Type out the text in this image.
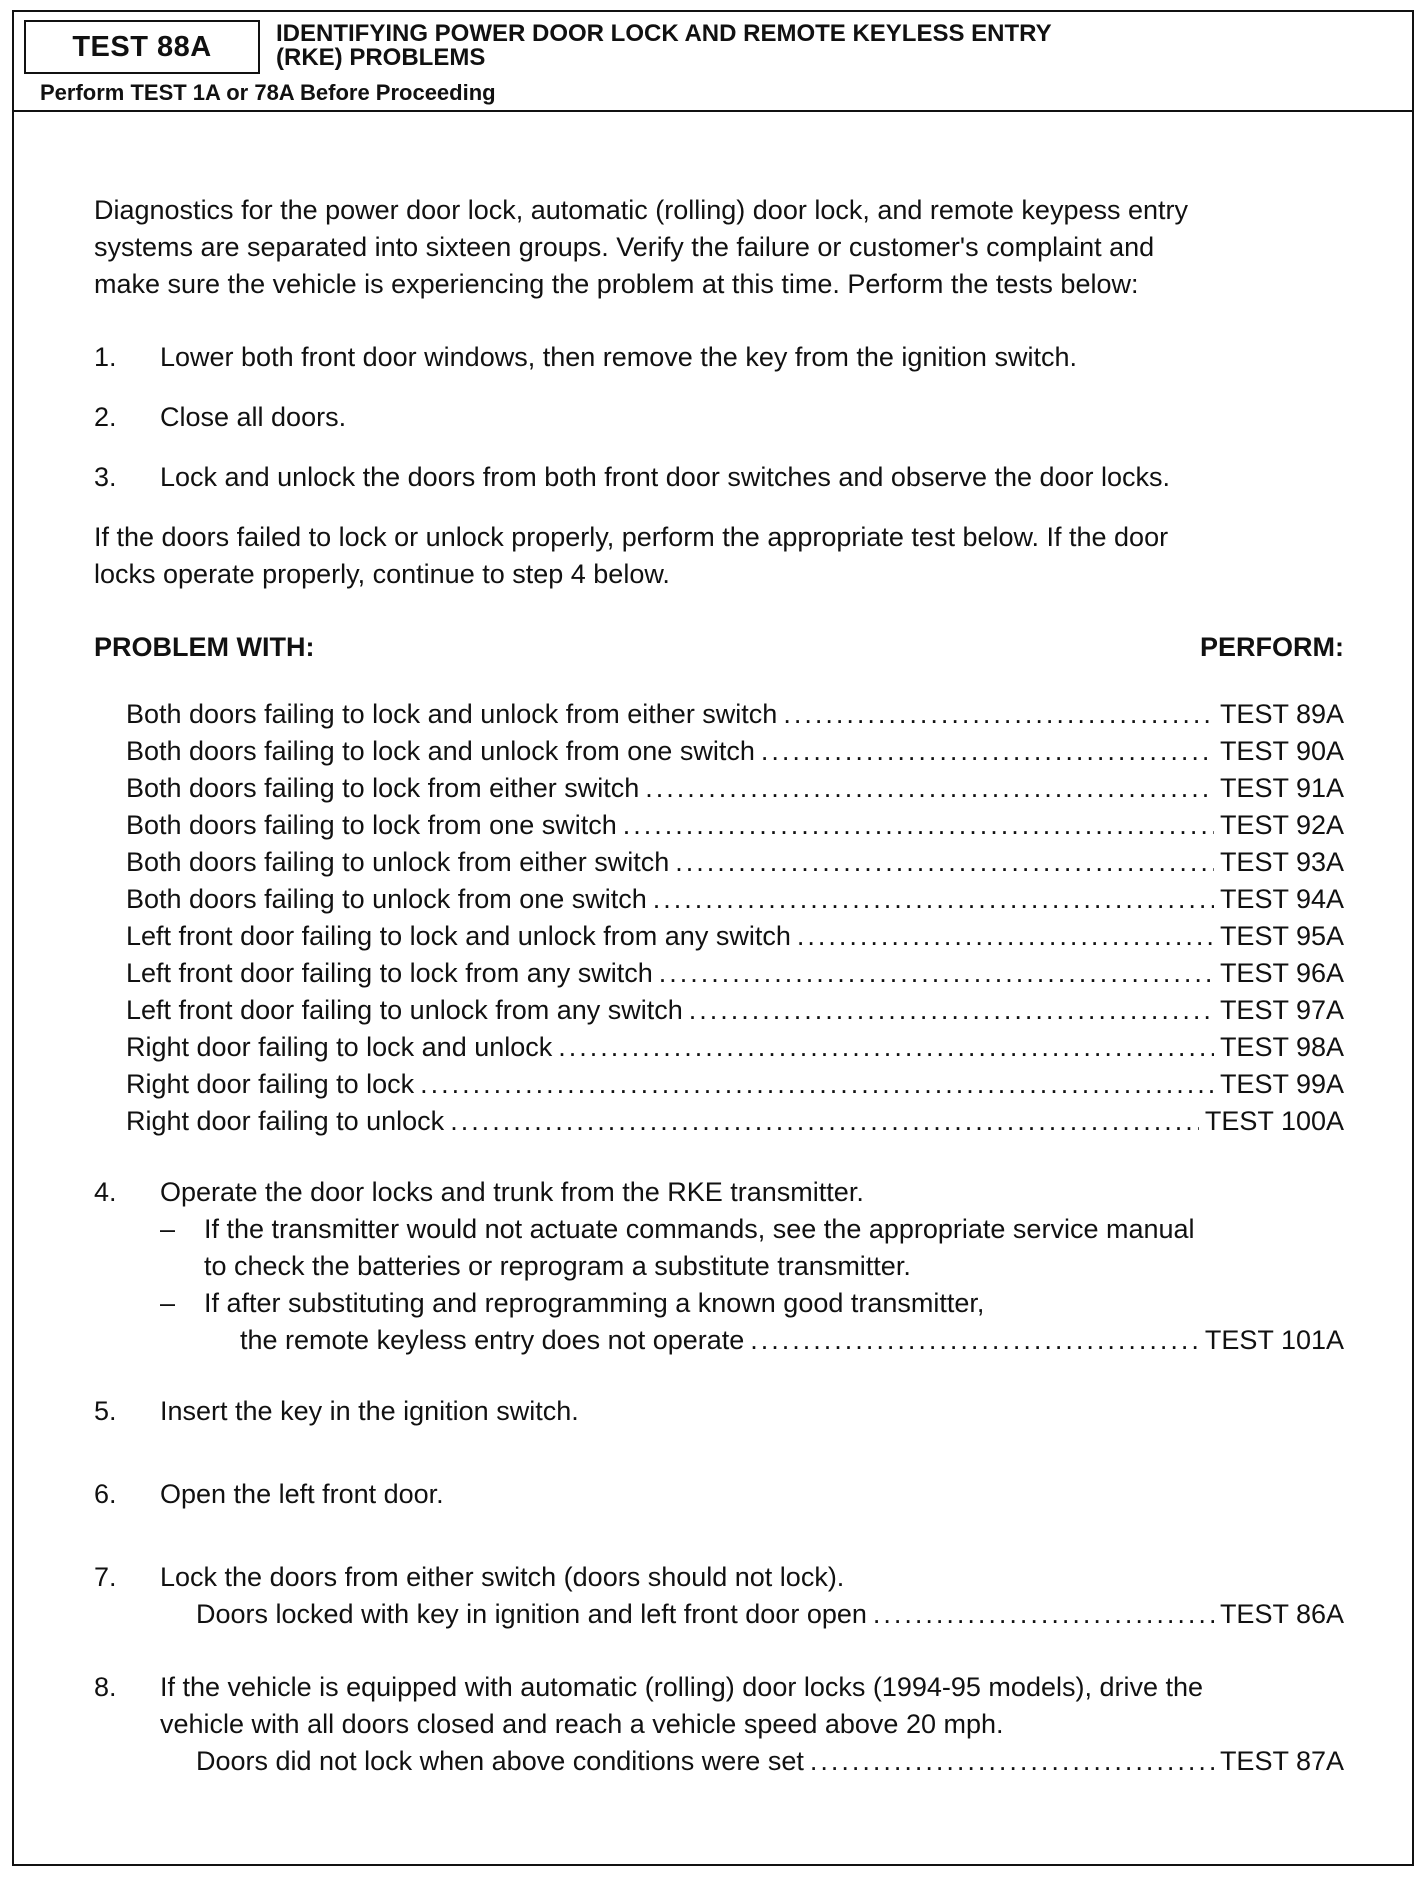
TEST 88A	IDENTIFYING POWER DOOR LOCK AND REMOTE KEYLESS ENTRY
(RKE) PROBLEMS
Perform TEST 1A or 78A Before Proceeding
Diagnostics for the power door lock, automatic (rolling) door lock, and remote keypess entry
systems are separated into sixteen groups. Verify the failure or customer's complaint and
make sure the vehicle is experiencing the problem at this time. Perform the tests below:
1.	Lower both front door windows, then remove the key from the ignition switch.
2.	Close all doors.
3.	Lock and unlock the doors from both front door switches and observe the door locks.
If the doors failed to lock or unlock properly, perform the appropriate test below. If the door
locks operate properly, continue to step 4 below.
PROBLEM WITH:	PERFORM:
Both doors failing to lock and unlock from either switch .....	TEST 89A
Both doors failing to lock and unlock from one switch .....	TEST 90A
Both doors failing to lock from either switch .....	TEST 91A
Both doors failing to lock from one switch .....	TEST 92A
Both doors failing to unlock from either switch .....	TEST 93A
Both doors failing to unlock from one switch .....	TEST 94A
Left front door failing to lock and unlock from any switch .....	TEST 95A
Left front door failing to lock from any switch .....	TEST 96A
Left front door failing to unlock from any switch .....	TEST 97A
Right door failing to lock and unlock .....	TEST 98A
Right door failing to lock .....	TEST 99A
Right door failing to unlock .....	TEST 100A
4.	Operate the door locks and trunk from the RKE transmitter.
– If the transmitter would not actuate commands, see the appropriate service manual
to check the batteries or reprogram a substitute transmitter.
– If after substituting and reprogramming a known good transmitter,
the remote keyless entry does not operate .....	TEST 101A
5.	Insert the key in the ignition switch.
6.	Open the left front door.
7.	Lock the doors from either switch (doors should not lock).
Doors locked with key in ignition and left front door open .....	TEST 86A
8.	If the vehicle is equipped with automatic (rolling) door locks (1994-95 models), drive the
vehicle with all doors closed and reach a vehicle speed above 20 mph.
Doors did not lock when above conditions were set .....	TEST 87A
